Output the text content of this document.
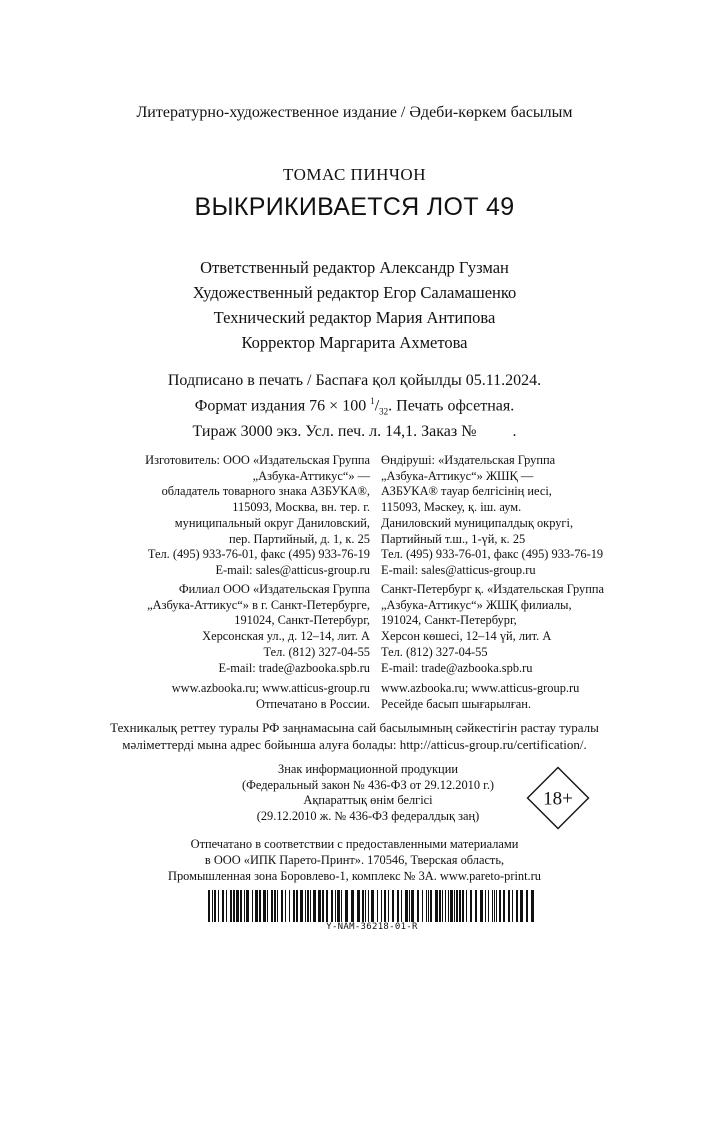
Литературно-художественное издание / Әдеби-көркем басылым
ТОМАС ПИНЧОН
ВЫКРИКИВАЕТСЯ ЛОТ 49
Ответственный редактор Александр Гузман
Художественный редактор Егор Саламашенко
Технический редактор Мария Антипова
Корректор Маргарита Ахметова
Подписано в печать / Баспаға қол қойылды 05.11.2024.
Формат издания 76 × 100 $^1/_{32}$. Печать офсетная.
Тираж 3000 экз. Усл. печ. л. 14,1. Заказ №         .
Изготовитель: ООО «Издательская Группа
„Азбука-Аттикус“» —
обладатель товарного знака АЗБУКА®,
115093, Москва, вн. тер. г.
муниципальный округ Даниловский,
пер. Партийный, д. 1, к. 25
Тел. (495) 933-76-01, факс (495) 933-76-19
E-mail: sales@atticus-group.ru
Өндіруші: «Издательская Группа
„Азбука-Аттикус“» ЖШҚ —
АЗБУКА® тауар белгісінің иесі,
115093, Мәскеу, қ. іш. аум.
Даниловский муниципалдық округі,
Партийный т.ш., 1-үй, к. 25
Тел. (495) 933-76-01, факс (495) 933-76-19
E-mail: sales@atticus-group.ru
Филиал ООО «Издательская Группа
„Азбука-Аттикус“» в г. Санкт-Петербурге,
191024, Санкт-Петербург,
Херсонская ул., д. 12–14, лит. А
Тел. (812) 327-04-55
E-mail: trade@azbooka.spb.ru
Санкт-Петербург қ. «Издательская Группа
„Азбука-Аттикус“» ЖШҚ филиалы,
191024, Санкт-Петербург,
Херсон көшесі, 12–14 үй, лит. А
Тел. (812) 327-04-55
E-mail: trade@azbooka.spb.ru
www.azbooka.ru; www.atticus-group.ru
Отпечатано в России.
www.azbooka.ru; www.atticus-group.ru
Ресейде басып шығарылған.
Техникалық реттеу туралы РФ заңнамасына сай басылымның сәйкестігін растау туралы
мәліметтерді мына адрес бойынша алуға болады: http://atticus-group.ru/certification/.
Знак информационной продукции
(Федеральный закон № 436-ФЗ от 29.12.2010 г.)
Ақпараттық өнім белгісі
(29.12.2010 ж. № 436-ФЗ федералдық заң)
18+
Отпечатано в соответствии с предоставленными материалами
в ООО «ИПК Парето-Принт». 170546, Тверская область,
Промышленная зона Боровлево-1, комплекс № 3А. www.pareto-print.ru
Y-NAM-36218-01-R
